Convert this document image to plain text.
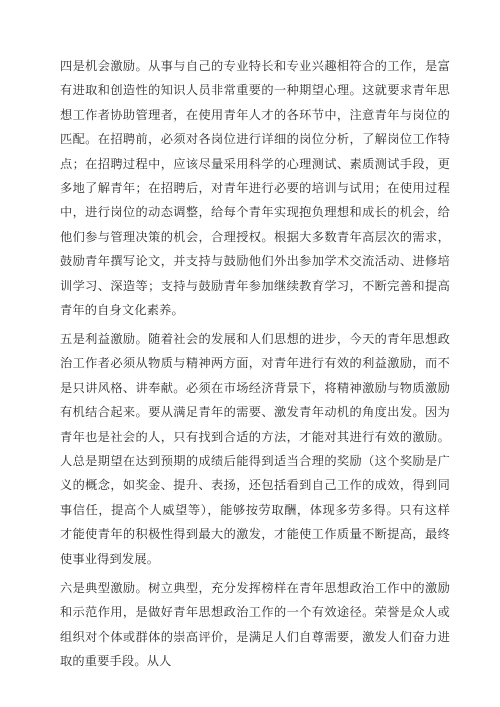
四是机会激励。从事与自己的专业特长和专业兴趣相符合的工作，是富有进取和创造性的知识人员非常重要的一种期望心理。这就要求青年思想工作者协助管理者，在使用青年人才的各环节中，注意青年与岗位的匹配。在招聘前，必须对各岗位进行详细的岗位分析，了解岗位工作特点；在招聘过程中，应该尽量采用科学的心理测试、素质测试手段，更多地了解青年；在招聘后，对青年进行必要的培训与试用；在使用过程中，进行岗位的动态调整，给每个青年实现抱负理想和成长的机会，给他们参与管理决策的机会，合理授权。根据大多数青年高层次的需求，鼓励青年撰写论文，并支持与鼓励他们外出参加学术交流活动、进修培训学习、深造等；支持与鼓励青年参加继续教育学习，不断完善和提高青年的自身文化素养。

五是利益激励。随着社会的发展和人们思想的进步，今天的青年思想政治工作者必须从物质与精神两方面，对青年进行有效的利益激励，而不是只讲风格、讲奉献。必须在市场经济背景下，将精神激励与物质激励有机结合起来。要从满足青年的需要、激发青年动机的角度出发。因为青年也是社会的人，只有找到合适的方法，才能对其进行有效的激励。人总是期望在达到预期的成绩后能得到适当合理的奖励（这个奖励是广义的概念，如奖金、提升、表扬，还包括看到自己工作的成效，得到同事信任，提高个人威望等），能够按劳取酬，体现多劳多得。只有这样才能使青年的积极性得到最大的激发，才能使工作质量不断提高，最终使事业得到发展。

六是典型激励。树立典型，充分发挥榜样在青年思想政治工作中的激励和示范作用，是做好青年思想政治工作的一个有效途径。荣誉是众人或组织对个体或群体的崇高评价，是满足人们自尊需要，激发人们奋力进取的重要手段。从人
